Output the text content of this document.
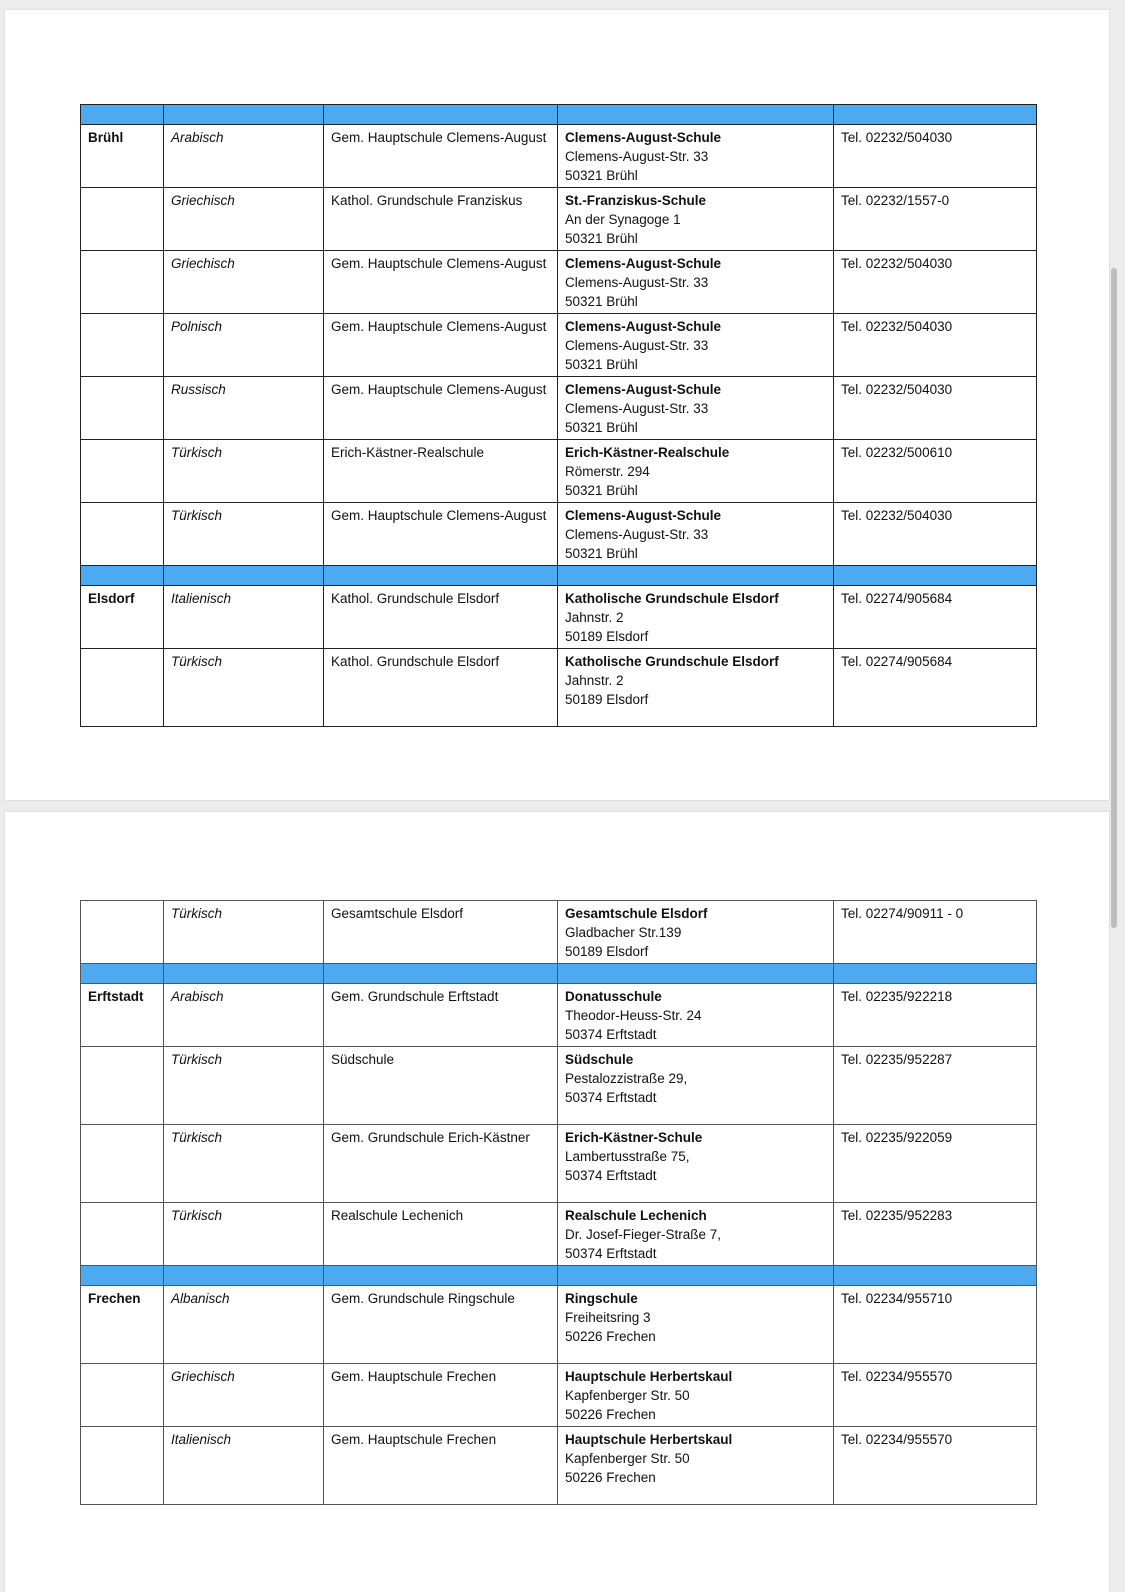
Brühl	Arabisch	Gem. Hauptschule Clemens-August	Clemens-August-Schule
Clemens-August-Str. 33
50321 Brühl	Tel. 02232/504030
	Griechisch	Kathol. Grundschule Franziskus	St.-Franziskus-Schule
An der Synagoge 1
50321 Brühl	Tel. 02232/1557-0
	Griechisch	Gem. Hauptschule Clemens-August	Clemens-August-Schule
Clemens-August-Str. 33
50321 Brühl	Tel. 02232/504030
	Polnisch	Gem. Hauptschule Clemens-August	Clemens-August-Schule
Clemens-August-Str. 33
50321 Brühl	Tel. 02232/504030
	Russisch	Gem. Hauptschule Clemens-August	Clemens-August-Schule
Clemens-August-Str. 33
50321 Brühl	Tel. 02232/504030
	Türkisch	Erich-Kästner-Realschule	Erich-Kästner-Realschule
Römerstr. 294
50321 Brühl	Tel. 02232/500610
	Türkisch	Gem. Hauptschule Clemens-August	Clemens-August-Schule
Clemens-August-Str. 33
50321 Brühl	Tel. 02232/504030

Elsdorf	Italienisch	Kathol. Grundschule Elsdorf	Katholische Grundschule Elsdorf
Jahnstr. 2
50189 Elsdorf	Tel. 02274/905684
	Türkisch	Kathol. Grundschule Elsdorf	Katholische Grundschule Elsdorf
Jahnstr. 2
50189 Elsdorf	Tel. 02274/905684
	Türkisch	Gesamtschule Elsdorf	Gesamtschule Elsdorf
Gladbacher Str.139
50189 Elsdorf	Tel. 02274/90911 - 0

Erftstadt	Arabisch	Gem. Grundschule Erftstadt	Donatusschule
Theodor-Heuss-Str. 24
50374 Erftstadt	Tel. 02235/922218
	Türkisch	Südschule	Südschule
Pestalozzistraße 29,
50374 Erftstadt	Tel. 02235/952287
	Türkisch	Gem. Grundschule Erich-Kästner	Erich-Kästner-Schule
Lambertusstraße 75,
50374 Erftstadt	Tel. 02235/922059
	Türkisch	Realschule Lechenich	Realschule Lechenich
Dr. Josef-Fieger-Straße 7,
50374 Erftstadt	Tel. 02235/952283

Frechen	Albanisch	Gem. Grundschule Ringschule	Ringschule
Freiheitsring 3
50226 Frechen	Tel. 02234/955710
	Griechisch	Gem. Hauptschule Frechen	Hauptschule Herbertskaul
Kapfenberger Str. 50
50226 Frechen	Tel. 02234/955570
	Italienisch	Gem. Hauptschule Frechen	Hauptschule Herbertskaul
Kapfenberger Str. 50
50226 Frechen	Tel. 02234/955570
